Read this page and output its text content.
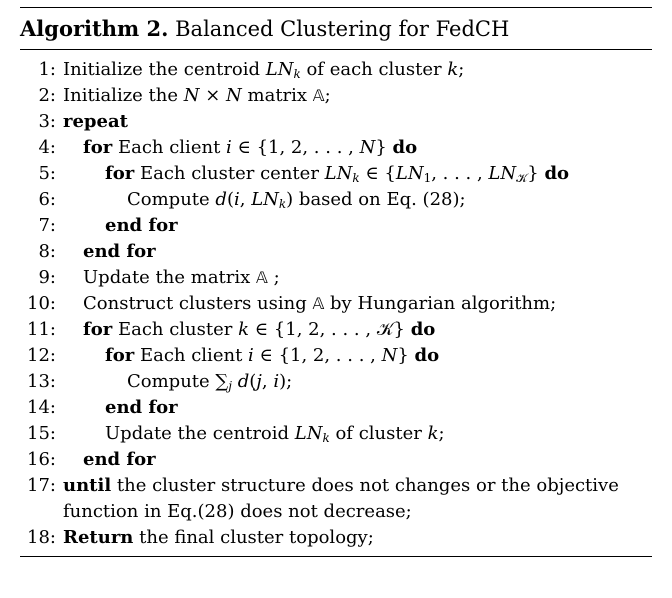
Algorithm 2. Balanced Clustering for FedCH
1: Initialize the centroid $LN_k$ of each cluster k;
2: Initialize the N × N matrix 𝔸;
3: repeat
4: for Each client i ∈ {1, 2, . . . , N} do
5:	for Each cluster center $LN_k$ ∈ {$LN_1$, . . . , $LN_𝒦$} do
6:	Compute d(i, $LN_k$) based on Eq. (28);
7:	end for
8: end for
9: Update the matrix 𝔸 ;
10: Construct clusters using 𝔸 by Hungarian algorithm;
11: for Each cluster k ∈ {1, 2, . . . , 𝒦} do
12:	for Each client i ∈ {1, 2, . . . , N} do
13:	Compute $\sum_j$ d(j, i);
14:	end for
15:	Update the centroid $LN_k$ of cluster k;
16: end for
17: until the cluster structure does not changes or the objective
function in Eq.(28) does not decrease;
18: Return the final cluster topology;
